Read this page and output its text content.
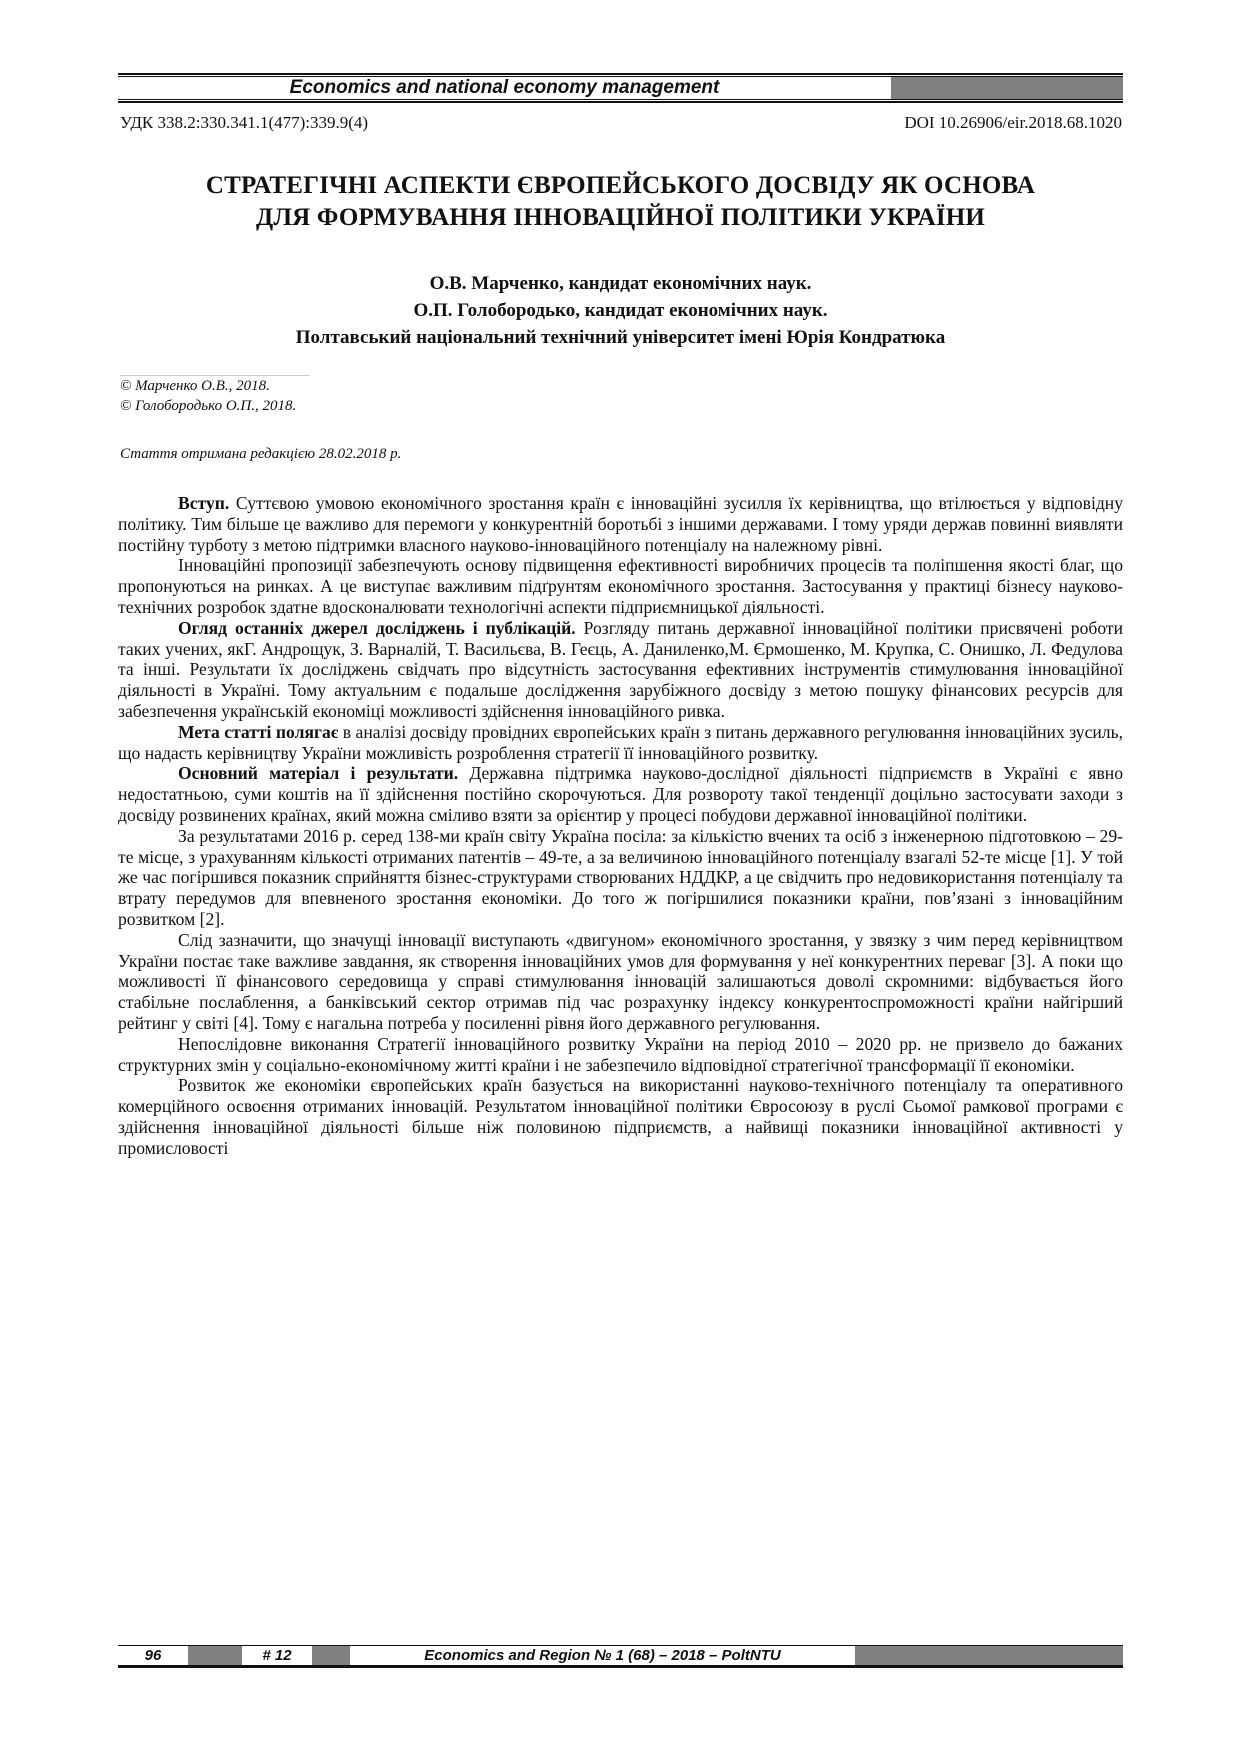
Economics and national economy management
УДК 338.2:330.341.1(477):339.9(4)	DOI 10.26906/eir.2018.68.1020
СТРАТЕГІЧНІ АСПЕКТИ ЄВРОПЕЙСЬКОГО ДОСВІДУ ЯК ОСНОВА
ДЛЯ ФОРМУВАННЯ ІННОВАЦІЙНОЇ ПОЛІТИКИ УКРАЇНИ
О.В. Марченко, кандидат економічних наук.
О.П. Голобородько, кандидат економічних наук.
Полтавський національний технічний університет імені Юрія Кондратюка
© Марченко О.В., 2018.
© Голобородько О.П., 2018.
Стаття отримана редакцією 28.02.2018 р.

Вступ. Суттєвою умовою економічного зростання країн є інноваційні зусилля їх керівництва, що втілюється у відповідну політику. Тим більше це важливо для перемоги у конкурентній боротьбі з іншими державами. І тому уряди держав повинні виявляти постійну турботу з метою підтримки власного науково-інноваційного потенціалу на належному рівні.

Інноваційні пропозиції забезпечують основу підвищення ефективності виробничих процесів та поліпшення якості благ, що пропонуються на ринках. А це виступає важливим підґрунтям економічного зростання. Застосування у практиці бізнесу науково-технічних розробок здатне вдосконалювати технологічні аспекти підприємницької діяльності.

Огляд останніх джерел досліджень і публікацій. Розгляду питань державної інноваційної політики присвячені роботи таких учених, якГ. Андрощук, З. Варналій, Т. Васильєва, В. Геєць, А. Даниленко,М. Єрмошенко, М. Крупка, С. Онишко, Л. Федулова та інші. Результати їх досліджень свідчать про відсутність застосування ефективних інструментів стимулювання інноваційної діяльності в Україні. Тому актуальним є подальше дослідження зарубіжного досвіду з метою пошуку фінансових ресурсів для забезпечення українській економіці можливості здійснення інноваційного ривка.

Мета статті полягає в аналізі досвіду провідних європейських країн з питань державного регулювання інноваційних зусиль, що надасть керівництву України можливість розроблення стратегії її інноваційного розвитку.

Основний матеріал і результати. Державна підтримка науково-дослідної діяльності підприємств в Україні є явно недостатньою, суми коштів на її здійснення постійно скорочуються. Для розвороту такої тенденції доцільно застосувати заходи з досвіду розвинених країнах, який можна сміливо взяти за орієнтир у процесі побудови державної інноваційної політики.

За результатами 2016 р. серед 138-ми країн світу Україна посіла: за кількістю вчених та осіб з інженерною підготовкою – 29-те місце, з урахуванням кількості отриманих патентів – 49-те, а за величиною інноваційного потенціалу взагалі 52-те місце [1]. У той же час погіршився показник сприйняття бізнес-структурами створюваних НДДКР, а це свідчить про недовикористання потенціалу та втрату передумов для впевненого зростання економіки. До того ж погіршилися показники країни, пов’язані з інноваційним розвитком [2].

Слід зазначити, що значущі інновації виступають «двигуном» економічного зростання, у звязку з чим перед керівництвом України постає таке важливе завдання, як створення інноваційних умов для формування у неї конкурентних переваг [3]. А поки що можливості її фінансового середовища у справі стимулювання інновацій залишаються доволі скромними: відбувається його стабільне послаблення, а банківський сектор отримав під час розрахунку індексу конкурентоспроможності країни найгірший рейтинг у світі [4]. Тому є нагальна потреба у посиленні рівня його державного регулювання.

Непослідовне виконання Стратегії інноваційного розвитку України на період 2010 – 2020 рр. не призвело до бажаних структурних змін у соціально-економічному житті країни і не забезпечило відповідної стратегічної трансформації її економіки.

Розвиток же економіки європейських країн базується на використанні науково-технічного потенціалу та оперативного комерційного освоєння отриманих інновацій. Результатом інноваційної політики Євросоюзу в руслі Сьомої рамкової програми є здійснення інноваційної діяльності більше ніж половиною підприємств, а найвищі показники інноваційної активності у промисловості

96	# 12	Economics and Region № 1 (68) – 2018 – PoltNTU
